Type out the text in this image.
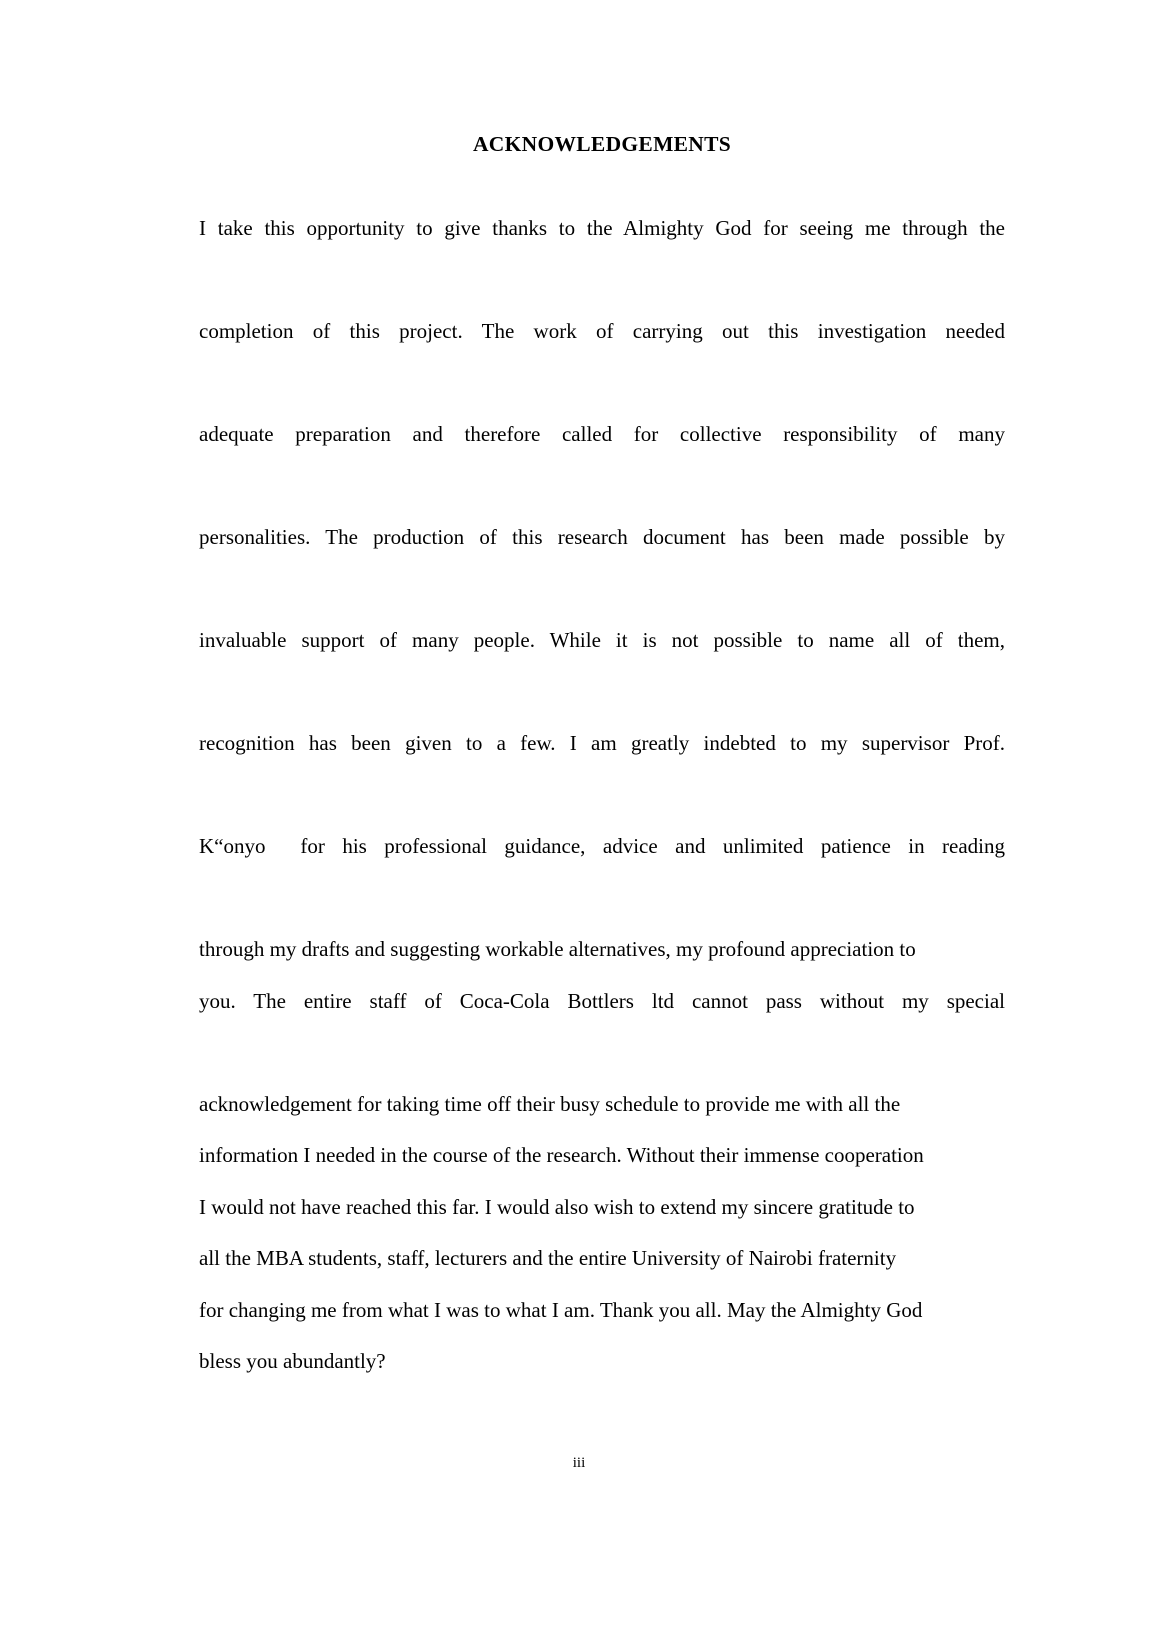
ACKNOWLEDGEMENTS
I take this opportunity to give thanks to the Almighty God for seeing me through the
completion of this project. The work of carrying out this investigation needed
adequate preparation and therefore called for collective responsibility of many
personalities. The production of this research document has been made possible by
invaluable support of many people. While it is not possible to name all of them,
recognition has been given to a few. I am greatly indebted to my supervisor Prof.
K“onyo  for his professional guidance, advice and unlimited patience in reading
through my drafts and suggesting workable alternatives, my profound appreciation to
you. The entire staff of Coca-Cola Bottlers ltd cannot pass without my special
acknowledgement for taking time off their busy schedule to provide me with all the
information I needed in the course of the research. Without their immense cooperation
I would not have reached this far. I would also wish to extend my sincere gratitude to
all the MBA students, staff, lecturers and the entire University of Nairobi fraternity
for changing me from what I was to what I am. Thank you all. May the Almighty God
bless you abundantly?
iii
